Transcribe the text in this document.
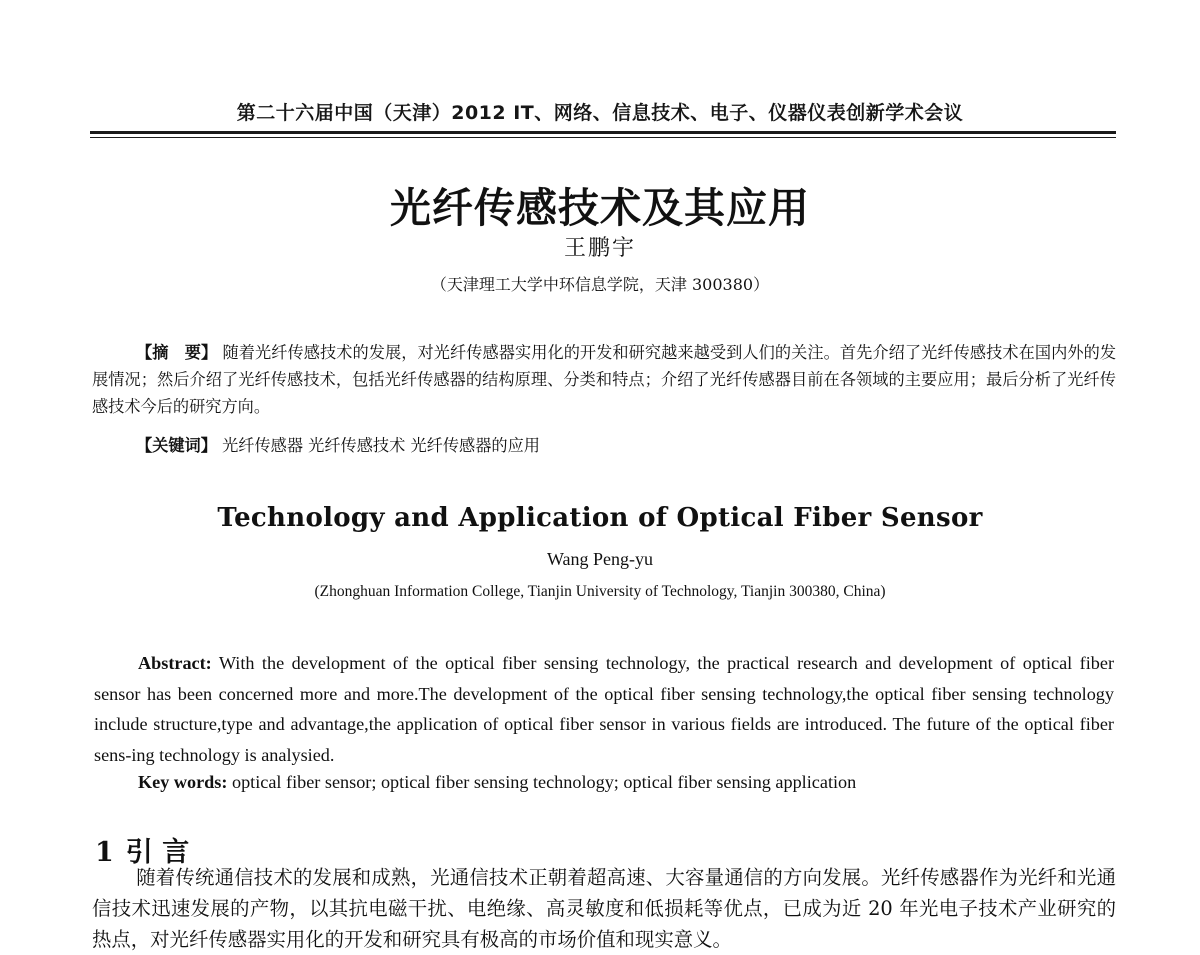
第二十六届中国（天津）2012 IT、网络、信息技术、电子、仪器仪表创新学术会议
光纤传感技术及其应用
王鹏宇
（天津理工大学中环信息学院，天津 300380）
【摘　要】 随着光纤传感技术的发展，对光纤传感器实用化的开发和研究越来越受到人们的关注。首先介绍了光纤传感技术在国内外的发展情况；然后介绍了光纤传感技术，包括光纤传感器的结构原理、分类和特点；介绍了光纤传感器目前在各领域的主要应用；最后分析了光纤传感技术今后的研究方向。
【关键词】 光纤传感器 光纤传感技术 光纤传感器的应用
Technology and Application of Optical Fiber Sensor
Wang Peng-yu
(Zhonghuan Information College, Tianjin University of Technology, Tianjin 300380, China)
Abstract: With the development of the optical fiber sensing technology, the practical research and development of optical fiber sensor has been concerned more and more.The development of the optical fiber sensing technology,the optical fiber sensing technology include structure,type and advantage,the application of optical fiber sensor in various fields are introduced. The future of the optical fiber sens-ing technology is analysied.
Key words: optical fiber sensor; optical fiber sensing technology; optical fiber sensing application
1 引 言
随着传统通信技术的发展和成熟，光通信技术正朝着超高速、大容量通信的方向发展。光纤传感器作为光纤和光通信技术迅速发展的产物，以其抗电磁干扰、电绝缘、高灵敏度和低损耗等优点，已成为近 20 年光电子技术产业研究的热点，对光纤传感器实用化的开发和研究具有极高的市场价值和现实意义。
